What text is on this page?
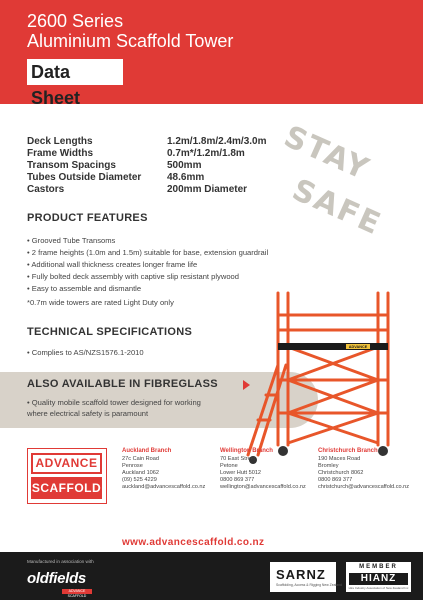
2600 Series
Aluminium Scaffold Tower
Data Sheet
Deck Lengths	1.2m/1.8m/2.4m/3.0m
Frame Widths	0.7m*/1.2m/1.8m
Transom Spacings	500mm
Tubes Outside Diameter	48.6mm
Castors	200mm Diameter
STAY
SAFE
PRODUCT FEATURES
• Grooved Tube Transoms
• 2 frame heights (1.0m and 1.5m) suitable for base, extension guardrail
• Additional wall thickness creates longer frame life
• Fully bolted deck assembly with captive slip resistant plywood
• Easy to assemble and dismantle
*0.7m wide towers are rated Light Duty only
TECHNICAL SPECIFICATIONS
• Complies to AS/NZS1576.1-2010
ALSO AVAILABLE IN FIBREGLASS
• Quality mobile scaffold tower designed for working
where electrical safety is paramount
ADVANCE
ADVANCE
SCAFFOLD
Auckland Branch
27c Cain Road
Penrose
Auckland 1062
(09) 525 4229
auckland@advancescaffold.co.nz
Wellington Branch
70 East Street
Petone
Lower Hutt 5012
0800 869 377
wellington@advancescaffold.co.nz
Christchurch Branch
190 Maces Road
Bromley
Christchurch 8062
0800 869 377
christchurch@advancescaffold.co.nz
www.advancescaffold.co.nz
Manufactured in association with
oldfields
ADVANCE SCAFFOLD
SARNZ
Scaffolding, Access & Rigging New Zealand
MEMBER
HIANZ
Hire Industry Association of New Zealand Inc
